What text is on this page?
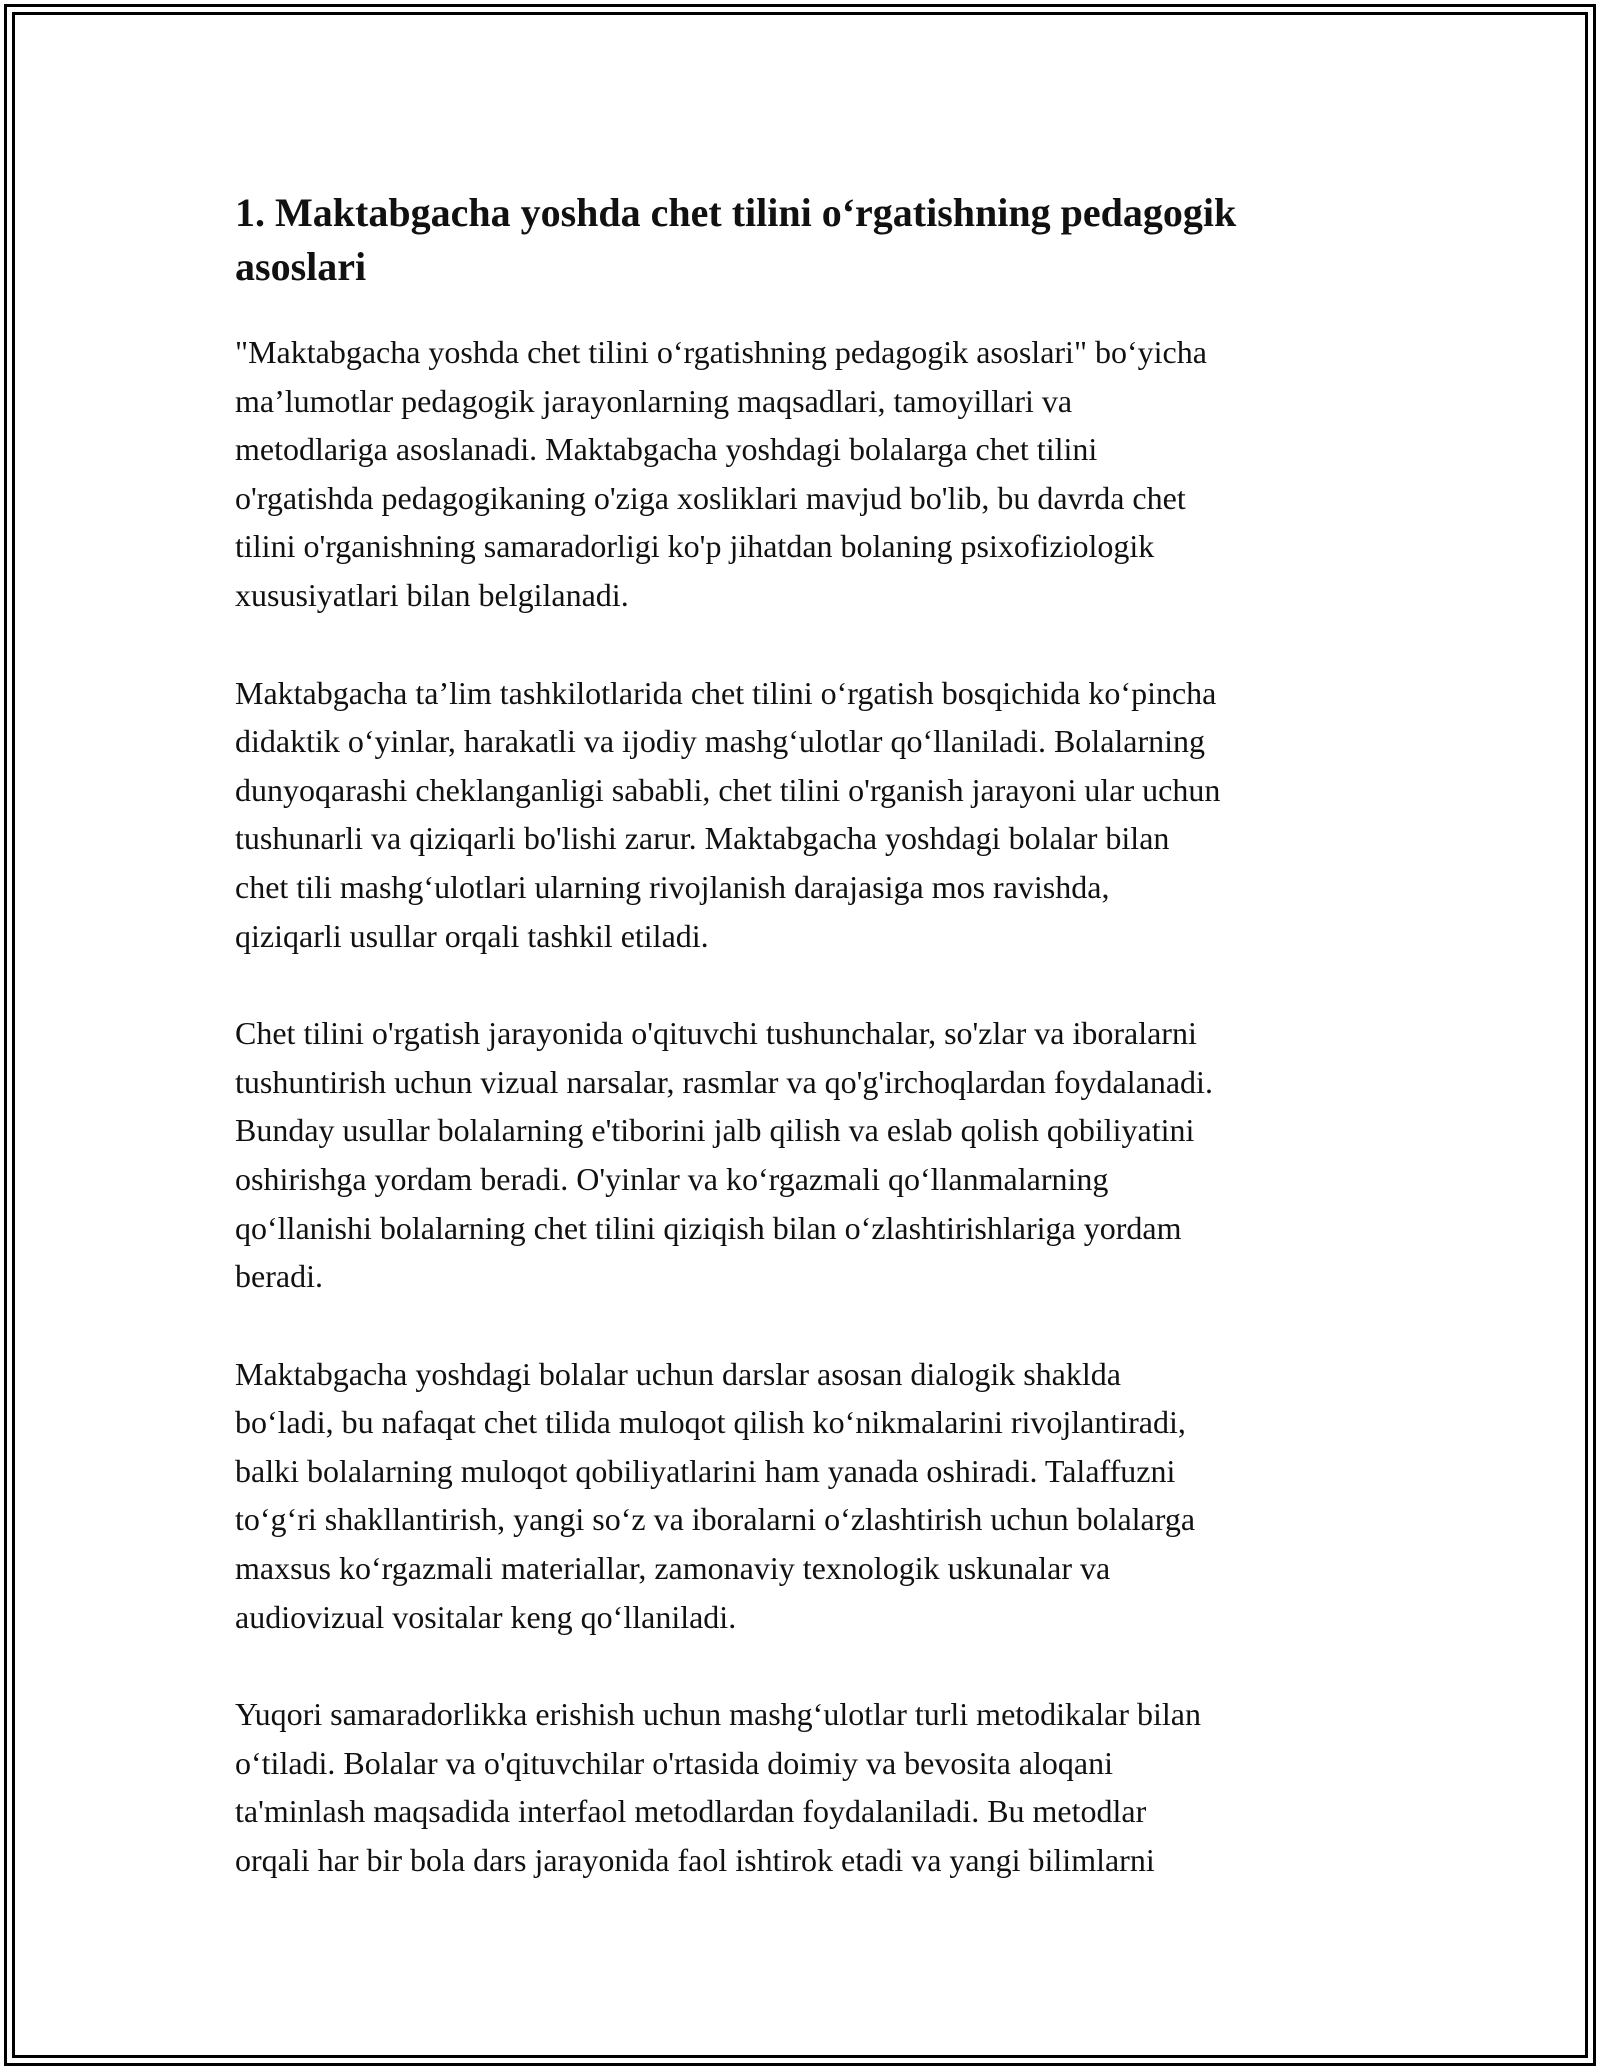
1. Maktabgacha yoshda chet tilini o‘rgatishning pedagogik
asoslari
"Maktabgacha yoshda chet tilini o‘rgatishning pedagogik asoslari" bo‘yicha
ma’lumotlar pedagogik jarayonlarning maqsadlari, tamoyillari va
metodlariga asoslanadi. Maktabgacha yoshdagi bolalarga chet tilini
o'rgatishda pedagogikaning o'ziga xosliklari mavjud bo'lib, bu davrda chet
tilini o'rganishning samaradorligi ko'p jihatdan bolaning psixofiziologik
xususiyatlari bilan belgilanadi.
Maktabgacha ta’lim tashkilotlarida chet tilini o‘rgatish bosqichida ko‘pincha
didaktik o‘yinlar, harakatli va ijodiy mashg‘ulotlar qo‘llaniladi. Bolalarning
dunyoqarashi cheklanganligi sababli, chet tilini o'rganish jarayoni ular uchun
tushunarli va qiziqarli bo'lishi zarur. Maktabgacha yoshdagi bolalar bilan
chet tili mashg‘ulotlari ularning rivojlanish darajasiga mos ravishda,
qiziqarli usullar orqali tashkil etiladi.
Chet tilini o'rgatish jarayonida o'qituvchi tushunchalar, so'zlar va iboralarni
tushuntirish uchun vizual narsalar, rasmlar va qo'g'irchoqlardan foydalanadi.
Bunday usullar bolalarning e'tiborini jalb qilish va eslab qolish qobiliyatini
oshirishga yordam beradi. O'yinlar va ko‘rgazmali qo‘llanmalarning
qo‘llanishi bolalarning chet tilini qiziqish bilan o‘zlashtirishlariga yordam
beradi.
Maktabgacha yoshdagi bolalar uchun darslar asosan dialogik shaklda
bo‘ladi, bu nafaqat chet tilida muloqot qilish ko‘nikmalarini rivojlantiradi,
balki bolalarning muloqot qobiliyatlarini ham yanada oshiradi. Talaffuzni
to‘g‘ri shakllantirish, yangi so‘z va iboralarni o‘zlashtirish uchun bolalarga
maxsus ko‘rgazmali materiallar, zamonaviy texnologik uskunalar va
audiovizual vositalar keng qo‘llaniladi.
Yuqori samaradorlikka erishish uchun mashg‘ulotlar turli metodikalar bilan
o‘tiladi. Bolalar va o'qituvchilar o'rtasida doimiy va bevosita aloqani
ta'minlash maqsadida interfaol metodlardan foydalaniladi. Bu metodlar
orqali har bir bola dars jarayonida faol ishtirok etadi va yangi bilimlarni
